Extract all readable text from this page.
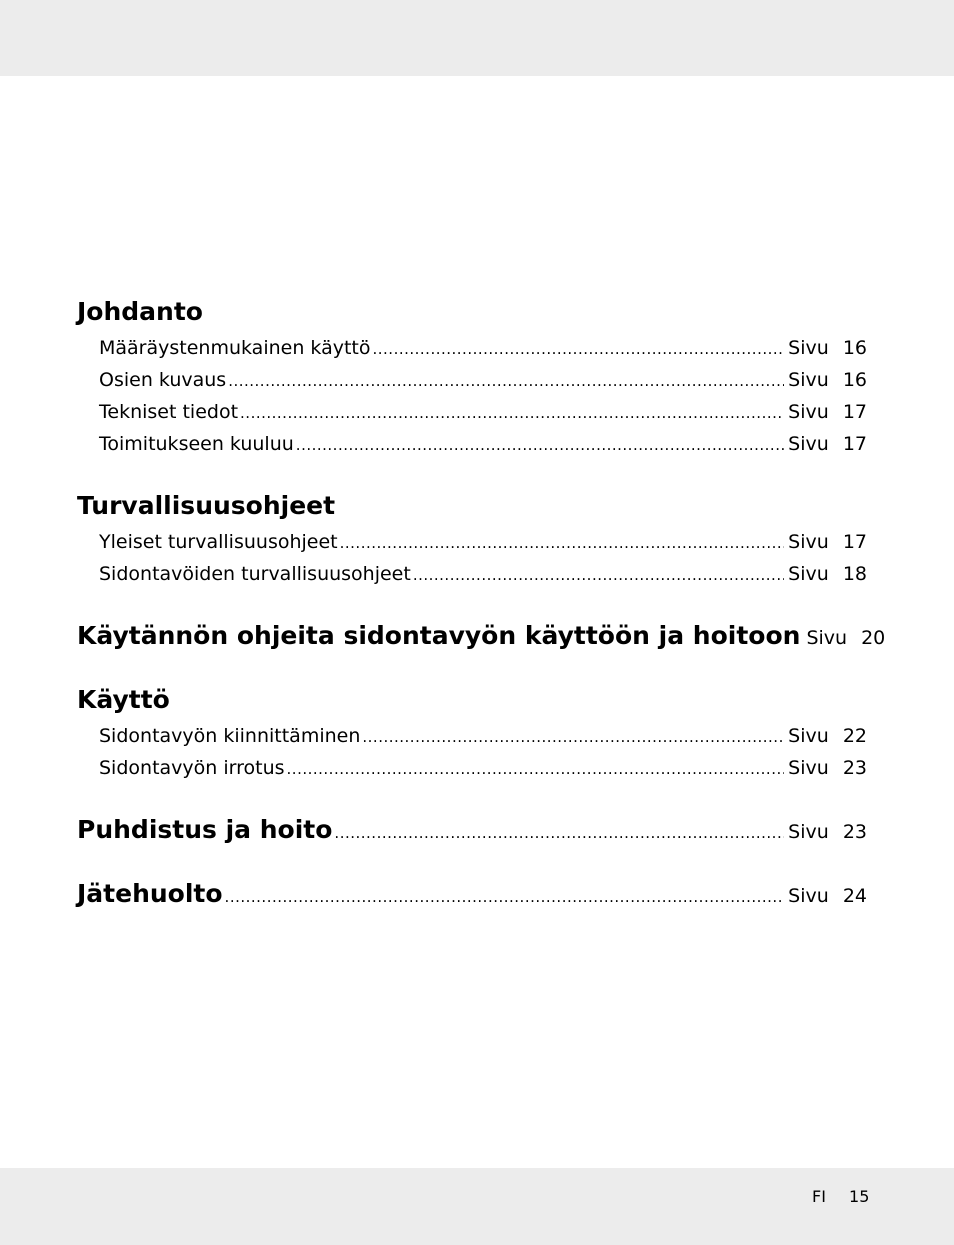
Johdanto
Määräystenmukainen käyttö .....	Sivu 16
Osien kuvaus .....	Sivu 16
Tekniset tiedot .....	Sivu 17
Toimitukseen kuuluu .....	Sivu 17
Turvallisuusohjeet
Yleiset turvallisuusohjeet .....	Sivu 17
Sidontavöiden turvallisuusohjeet .....	Sivu 18
Käytännön ohjeita sidontavyön käyttöön ja hoitoon Sivu 20
Käyttö
Sidontavyön kiinnittäminen .....	Sivu 22
Sidontavyön irrotus .....	Sivu 23
Puhdistus ja hoito .....	Sivu 23
Jätehuolto .....	Sivu 24
FI 15
